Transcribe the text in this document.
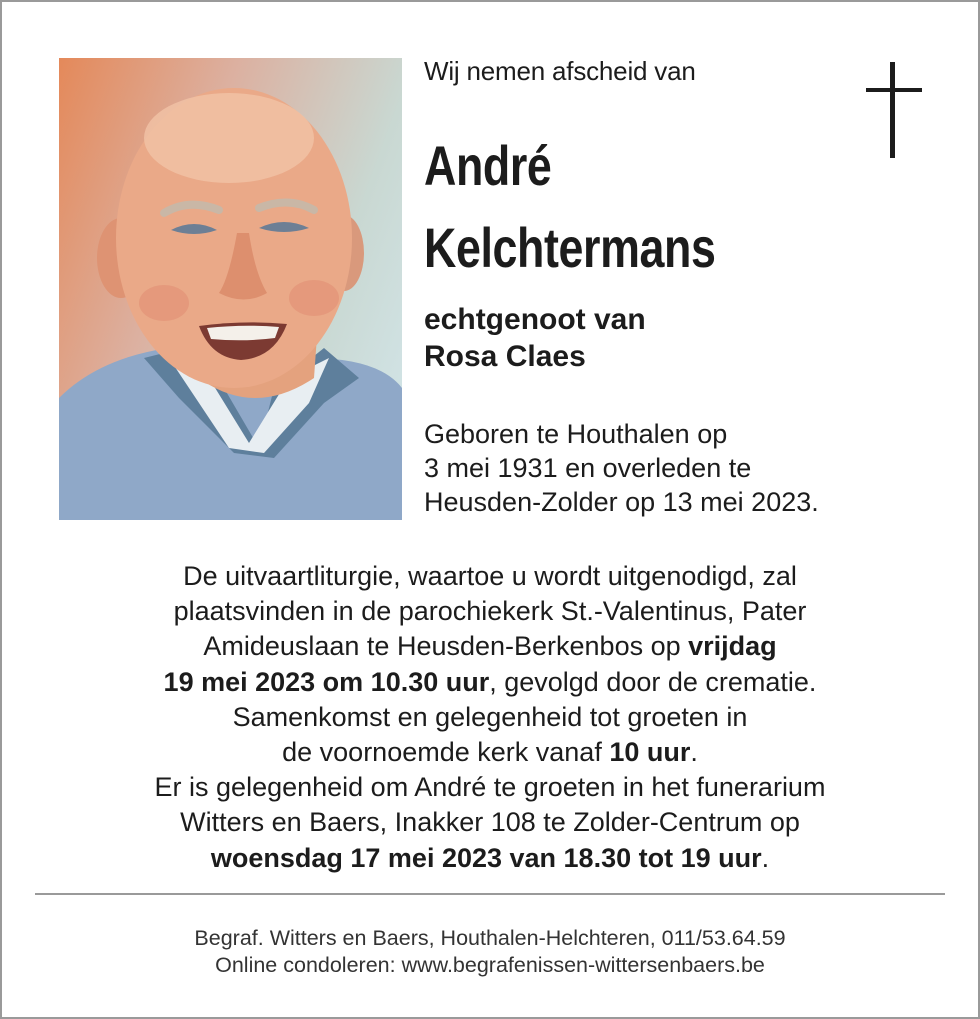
Wij nemen afscheid van
André
Kelchtermans
echtgenoot van
Rosa Claes
Geboren te Houthalen op
3 mei 1931 en overleden te
Heusden-Zolder op 13 mei 2023.
De uitvaartliturgie, waartoe u wordt uitgenodigd, zal
plaatsvinden in de parochiekerk St.-Valentinus, Pater
Amideuslaan te Heusden-Berkenbos op vrijdag
19 mei 2023 om 10.30 uur, gevolgd door de crematie.
Samenkomst en gelegenheid tot groeten in
de voornoemde kerk vanaf 10 uur.
Er is gelegenheid om André te groeten in het funerarium
Witters en Baers, Inakker 108 te Zolder-Centrum op
woensdag 17 mei 2023 van 18.30 tot 19 uur.
Begraf. Witters en Baers, Houthalen-Helchteren, 011/53.64.59
Online condoleren: www.begrafenissen-wittersenbaers.be
